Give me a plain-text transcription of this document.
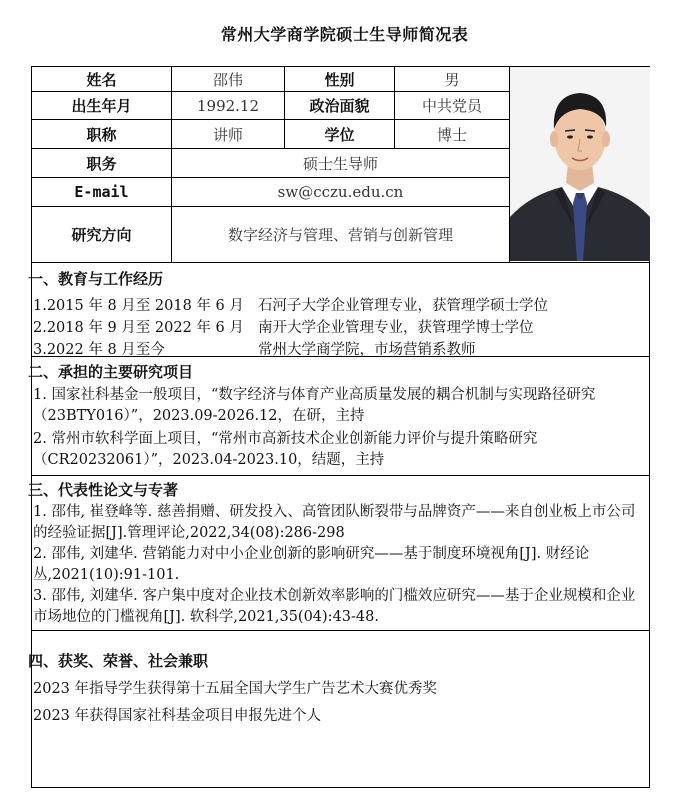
常州大学商学院硕士生导师简况表
姓名	邵伟	性别	男
出生年月	1992.12	政治面貌	中共党员
职称	讲师	学位	博士
职务	硕士生导师
E-mail	sw@cczu.edu.cn
研究方向	数字经济与管理、营销与创新管理
一、教育与工作经历
1.2015 年 8 月至 2018 年 6 月 石河子大学企业管理专业，获管理学硕士学位
2.2018 年 9 月至 2022 年 6 月 南开大学企业管理专业，获管理学博士学位
3.2022 年 8 月至今	常州大学商学院，市场营销系教师
二、承担的主要研究项目
1. 国家社科基金一般项目，“数字经济与体育产业高质量发展的耦合机制与实现路径研究（23BTY016）”，2023.09-2026.12，在研，主持
2. 常州市软科学面上项目，“常州市高新技术企业创新能力评价与提升策略研究（CR20232061）”，2023.04-2023.10，结题，主持
三、代表性论文与专著
1. 邵伟, 崔登峰等. 慈善捐赠、研发投入、高管团队断裂带与品牌资产——来自创业板上市公司的经验证据[J].管理评论,2022,34(08):286-298
2. 邵伟, 刘建华. 营销能力对中小企业创新的影响研究——基于制度环境视角[J]. 财经论丛,2021(10):91-101.
3. 邵伟, 刘建华. 客户集中度对企业技术创新效率影响的门槛效应研究——基于企业规模和企业市场地位的门槛视角[J]. 软科学,2021,35(04):43-48.
四、获奖、荣誉、社会兼职
2023 年指导学生获得第十五届全国大学生广告艺术大赛优秀奖
2023 年获得国家社科基金项目申报先进个人
